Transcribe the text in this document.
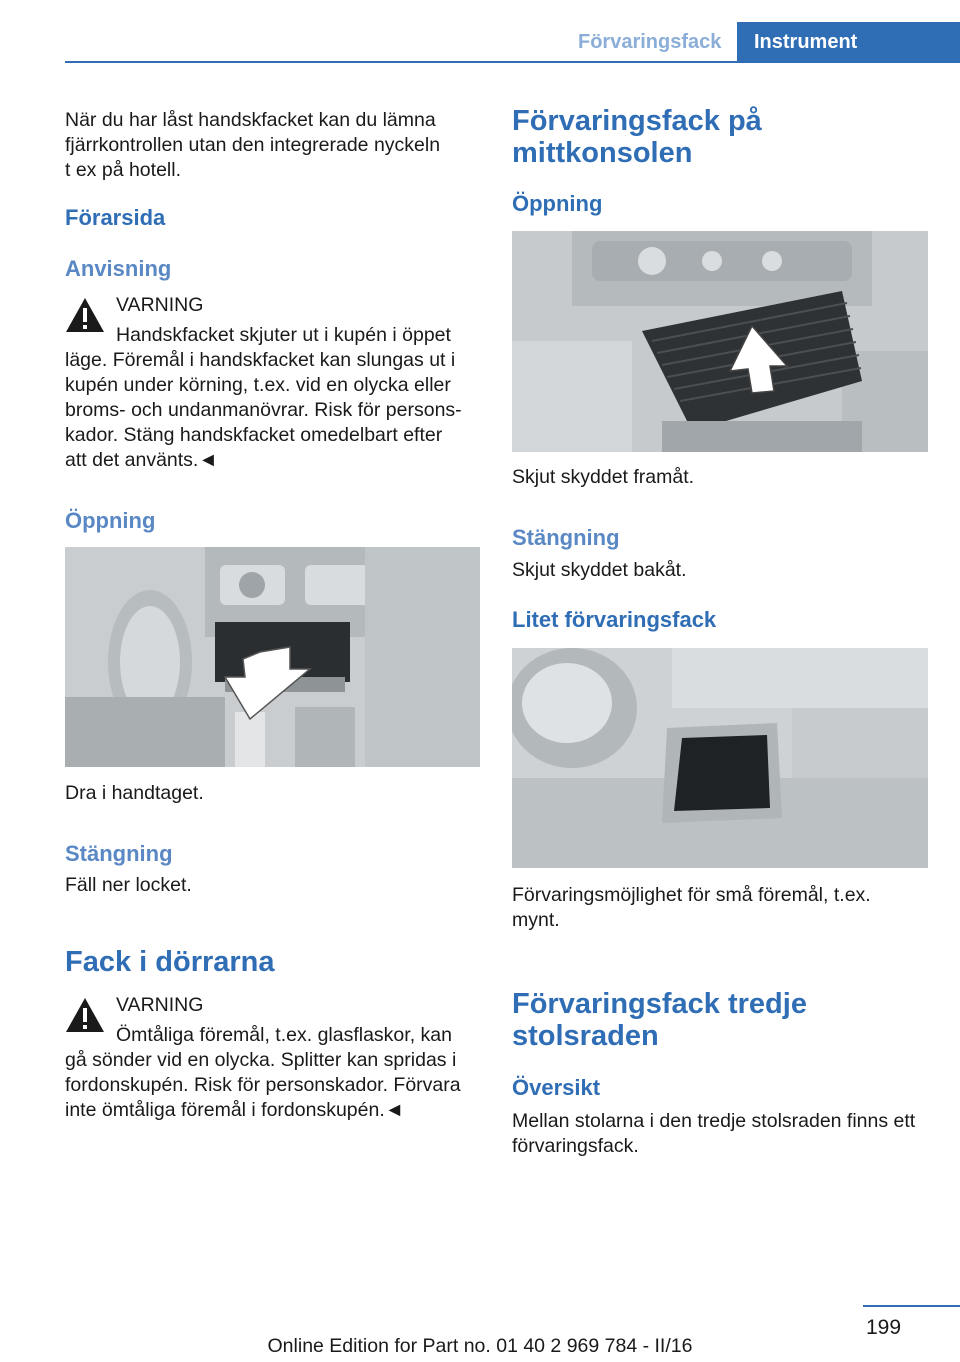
Förvaringsfack	Instrument
När du har låst handskfacket kan du lämna
fjärrkontrollen utan den integrerade nyckeln
t ex på hotell.
Förarsida
Anvisning
VARNING
Handskfacket skjuter ut i kupén i öppet
läge. Föremål i handskfacket kan slungas ut i
kupén under körning, t.ex. vid en olycka eller
broms- och undanmanövrar. Risk för persons‐
kador. Stäng handskfacket omedelbart efter
att det använts.◄
Öppning
Dra i handtaget.
Stängning
Fäll ner locket.
Fack i dörrarna
VARNING
Ömtåliga föremål, t.ex. glasflaskor, kan
gå sönder vid en olycka. Splitter kan spridas i
fordonskupén. Risk för personskador. Förvara
inte ömtåliga föremål i fordonskupén.◄
Förvaringsfack på
mittkonsolen
Öppning
Skjut skyddet framåt.
Stängning
Skjut skyddet bakåt.
Litet förvaringsfack
Förvaringsmöjlighet för små föremål, t.ex.
mynt.
Förvaringsfack tredje
stolsraden
Översikt
Mellan stolarna i den tredje stolsraden finns ett
förvaringsfack.
199
Online Edition for Part no. 01 40 2 969 784 - II/16
